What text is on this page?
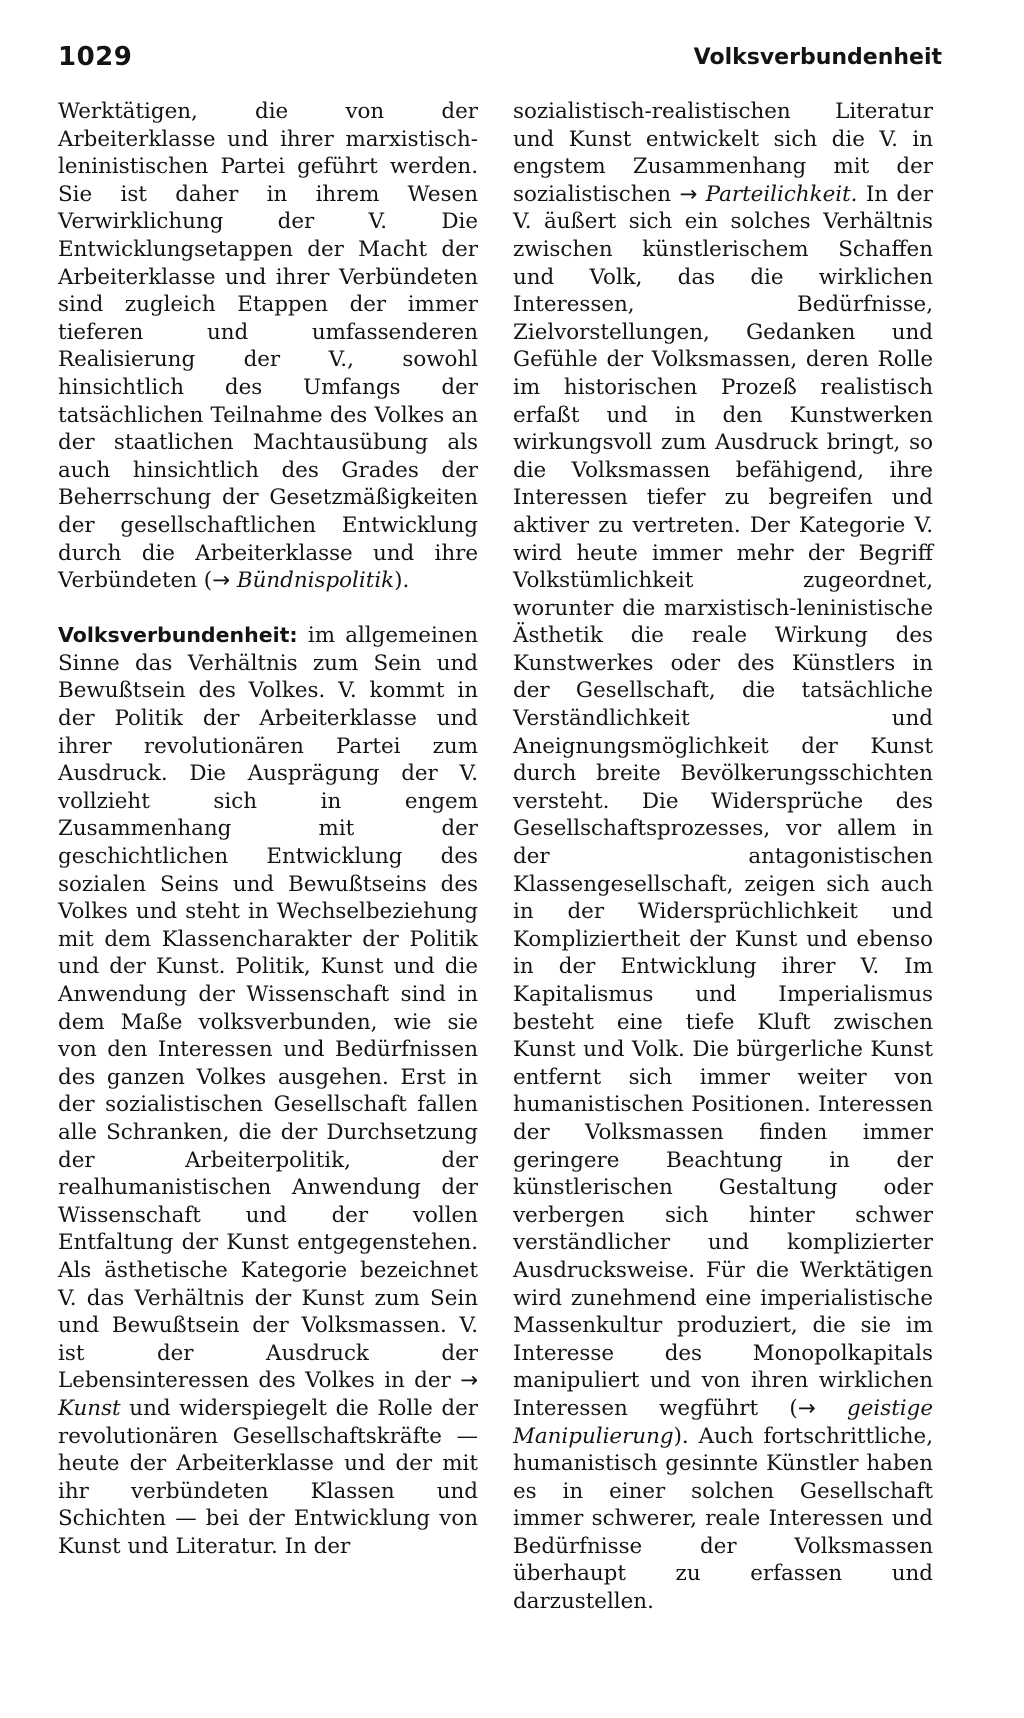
1029	Volksverbundenheit

Werktätigen, die von der Arbeiterklasse und ihrer marxistisch-leninistischen Partei geführt werden. Sie ist daher in ihrem Wesen Verwirklichung der V. Die Entwicklungsetappen der Macht der Arbeiterklasse und ihrer Verbündeten sind zugleich Etappen der immer tieferen und umfassenderen Realisierung der V., sowohl hinsichtlich des Umfangs der tatsächlichen Teilnahme des Volkes an der staatlichen Machtausübung als auch hinsichtlich des Grades der Beherrschung der Gesetzmäßigkeiten der gesellschaftlichen Entwicklung durch die Arbeiterklasse und ihre Verbündeten (→ Bündnispolitik).

Volksverbundenheit: im allgemeinen Sinne das Verhältnis zum Sein und Bewußtsein des Volkes. V. kommt in der Politik der Arbeiterklasse und ihrer revolutionären Partei zum Ausdruck. Die Ausprägung der V. vollzieht sich in engem Zusammenhang mit der geschichtlichen Entwicklung des sozialen Seins und Bewußtseins des Volkes und steht in Wechselbeziehung mit dem Klassencharakter der Politik und der Kunst. Politik, Kunst und die Anwendung der Wissenschaft sind in dem Maße volksverbunden, wie sie von den Interessen und Bedürfnissen des ganzen Volkes ausgehen. Erst in der sozialistischen Gesellschaft fallen alle Schranken, die der Durchsetzung der Arbeiterpolitik, der realhumanistischen Anwendung der Wissenschaft und der vollen Entfaltung der Kunst entgegenstehen. Als ästhetische Kategorie bezeichnet V. das Verhältnis der Kunst zum Sein und Bewußtsein der Volksmassen. V. ist der Ausdruck der Lebensinteressen des Volkes in der → Kunst und widerspiegelt die Rolle der revolutionären Gesellschaftskräfte — heute der Arbeiterklasse und der mit ihr verbündeten Klassen und Schichten — bei der Entwicklung von Kunst und Literatur. In der

sozialistisch-realistischen Literatur und Kunst entwickelt sich die V. in engstem Zusammenhang mit der sozialistischen → Parteilichkeit. In der V. äußert sich ein solches Verhältnis zwischen künstlerischem Schaffen und Volk, das die wirklichen Interessen, Bedürfnisse, Zielvorstellungen, Gedanken und Gefühle der Volksmassen, deren Rolle im historischen Prozeß realistisch erfaßt und in den Kunstwerken wirkungsvoll zum Ausdruck bringt, so die Volksmassen befähigend, ihre Interessen tiefer zu begreifen und aktiver zu vertreten. Der Kategorie V. wird heute immer mehr der Begriff Volkstümlichkeit zugeordnet, worunter die marxistisch-leninistische Ästhetik die reale Wirkung des Kunstwerkes oder des Künstlers in der Gesellschaft, die tatsächliche Verständlichkeit und Aneignungsmöglichkeit der Kunst durch breite Bevölkerungsschichten versteht. Die Widersprüche des Gesellschaftsprozesses, vor allem in der antagonistischen Klassengesellschaft, zeigen sich auch in der Widersprüchlichkeit und Kompliziertheit der Kunst und ebenso in der Entwicklung ihrer V. Im Kapitalismus und Imperialismus besteht eine tiefe Kluft zwischen Kunst und Volk. Die bürgerliche Kunst entfernt sich immer weiter von humanistischen Positionen. Interessen der Volksmassen finden immer geringere Beachtung in der künstlerischen Gestaltung oder verbergen sich hinter schwer verständlicher und komplizierter Ausdrucksweise. Für die Werktätigen wird zunehmend eine imperialistische Massenkultur produziert, die sie im Interesse des Monopolkapitals manipuliert und von ihren wirklichen Interessen wegführt (→ geistige Manipulierung). Auch fortschrittliche, humanistisch gesinnte Künstler haben es in einer solchen Gesellschaft immer schwerer, reale Interessen und Bedürfnisse der Volksmassen überhaupt zu erfassen und darzustellen.
